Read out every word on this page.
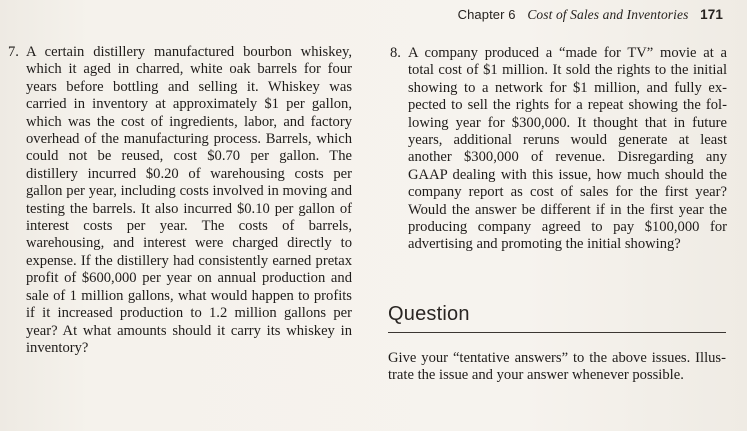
Chapter 6 Cost of Sales and Inventories 171
7. A certain distillery manufactured bourbon whiskey, which it aged in charred, white oak barrels for four years before bottling and selling it. Whiskey was carried in inventory at approximately $1 per gallon, which was the cost of ingredients, labor, and factory overhead of the manufacturing process. Barrels, which could not be reused, cost $0.70 per gallon. The distillery incurred $0.20 of warehousing costs per gallon per year, including costs involved in moving and testing the barrels. It also incurred $0.10 per gallon of interest costs per year. The costs of barrels, warehousing, and interest were charged directly to expense. If the distillery had consistently earned pretax profit of $600,000 per year on annual production and sale of 1 million gallons, what would happen to profits if it increased production to 1.2 million gallons per year? At what amounts should it carry its whiskey in inventory?
8. A company produced a “made for TV” movie at a total cost of $1 million. It sold the rights to the initial showing to a network for $1 million, and fully expected to sell the rights for a repeat showing the following year for $300,000. It thought that in future years, additional reruns would generate at least another $300,000 of revenue. Disregarding any GAAP dealing with this issue, how much should the company report as cost of sales for the first year? Would the answer be different if in the first year the producing company agreed to pay $100,000 for advertising and promoting the initial showing?
Question
Give your “tentative answers” to the above issues. Illustrate the issue and your answer whenever possible.
